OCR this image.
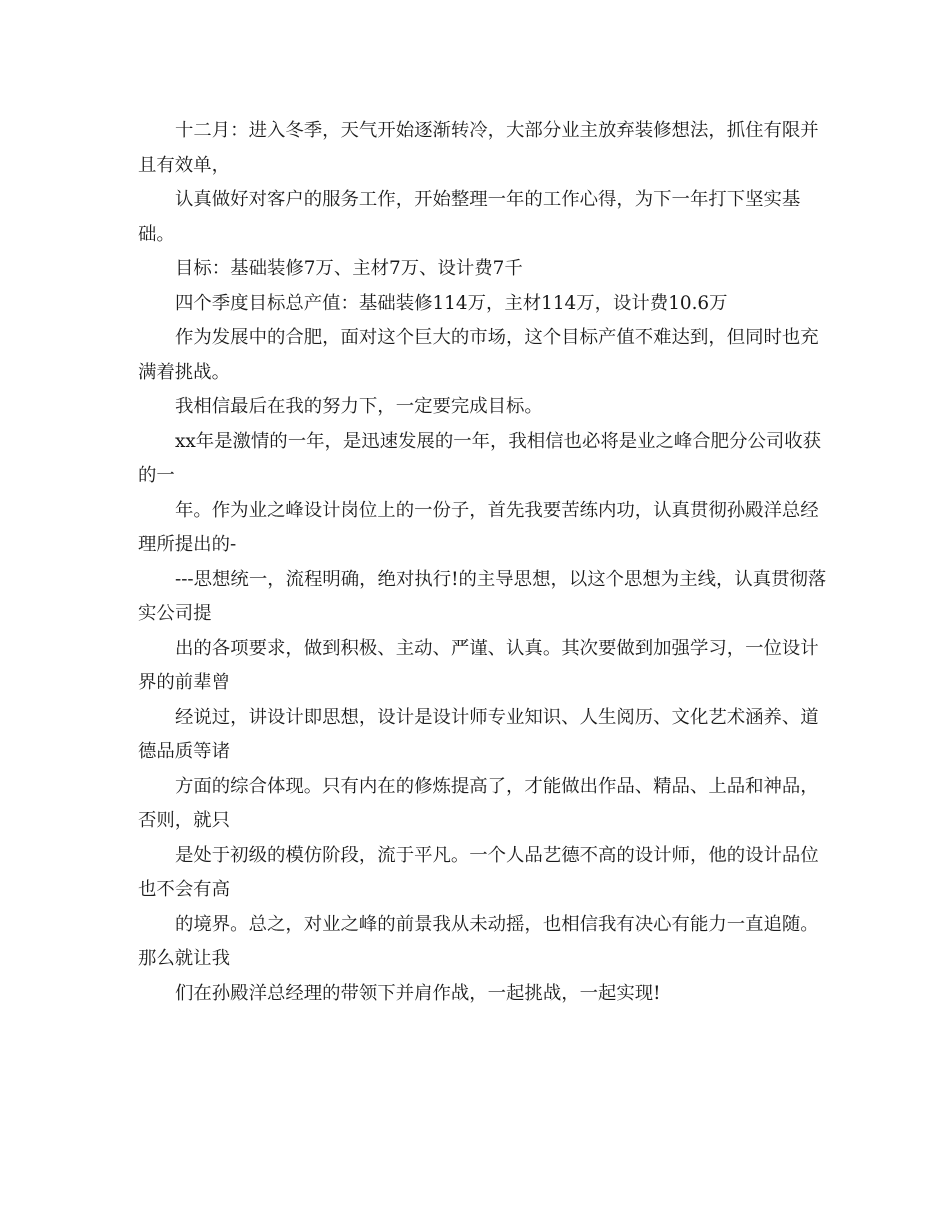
十二月：进入冬季，天气开始逐渐转冷，大部分业主放弃装修想法，抓住有限并且有效单，

认真做好对客户的服务工作，开始整理一年的工作心得，为下一年打下坚实基础。

目标：基础装修7万、主材7万、设计费7千

四个季度目标总产值：基础装修114万，主材114万，设计费10.6万

作为发展中的合肥，面对这个巨大的市场，这个目标产值不难达到，但同时也充满着挑战。

我相信最后在我的努力下，一定要完成目标。

xx年是激情的一年，是迅速发展的一年，我相信也必将是业之峰合肥分公司收获的一

年。作为业之峰设计岗位上的一份子，首先我要苦练内功，认真贯彻孙殿洋总经理所提出的-

---思想统一，流程明确，绝对执行!的主导思想，以这个思想为主线，认真贯彻落实公司提

出的各项要求，做到积极、主动、严谨、认真。其次要做到加强学习，一位设计界的前辈曾

经说过，讲设计即思想，设计是设计师专业知识、人生阅历、文化艺术涵养、道德品质等诸

方面的综合体现。只有内在的修炼提高了，才能做出作品、精品、上品和神品，否则，就只

是处于初级的模仿阶段，流于平凡。一个人品艺德不高的设计师，他的设计品位也不会有高

的境界。总之，对业之峰的前景我从未动摇，也相信我有决心有能力一直追随。那么就让我

们在孙殿洋总经理的带领下并肩作战，一起挑战，一起实现!
